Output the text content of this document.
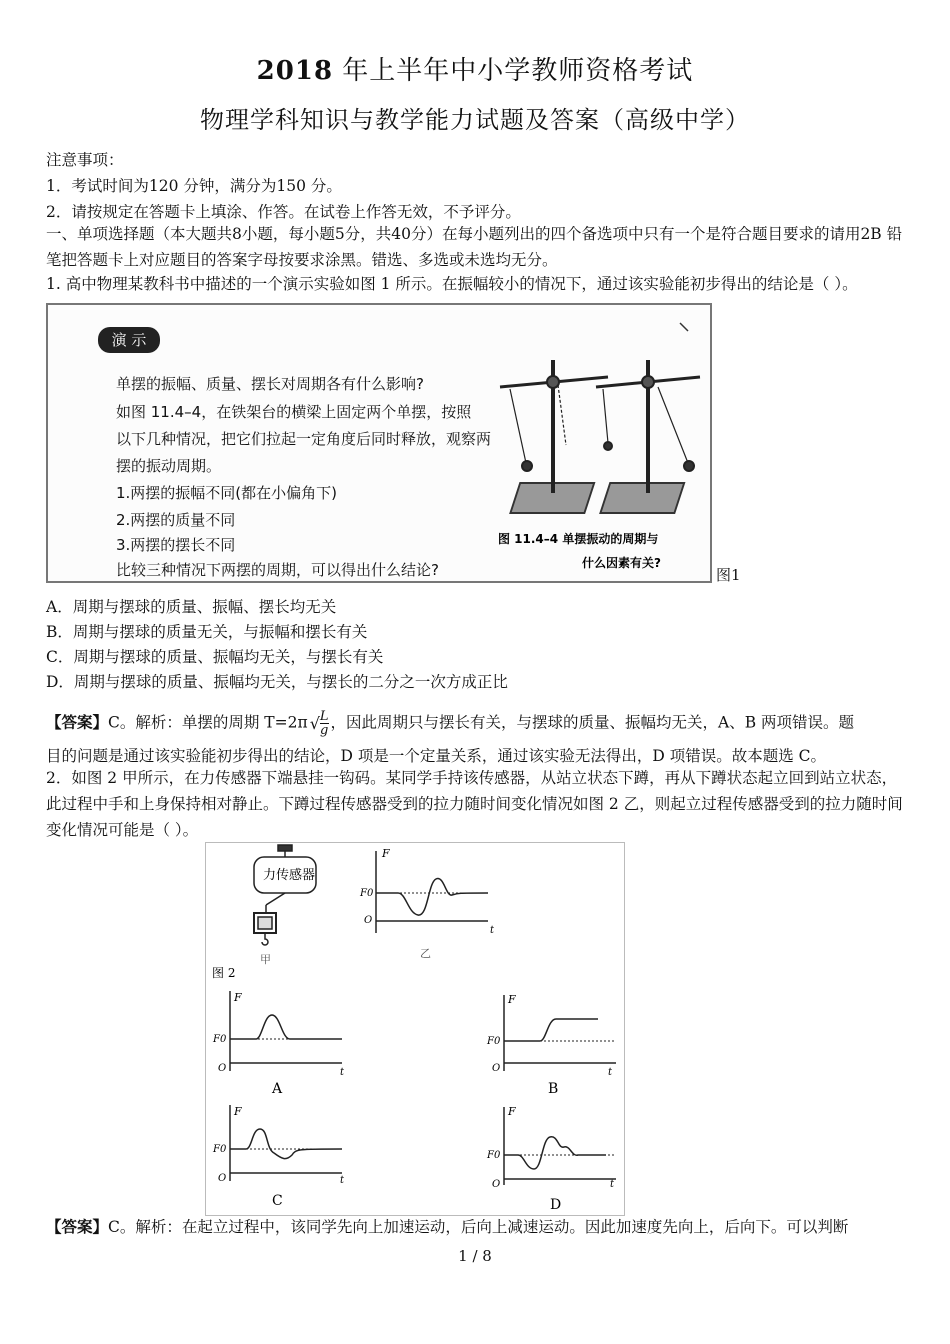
2018 年上半年中小学教师资格考试
物理学科知识与教学能力试题及答案（高级中学）
注意事项：
1．考试时间为120 分钟，满分为150 分。
2．请按规定在答题卡上填涂、作答。在试卷上作答无效，不予评分。
一、单项选择题（本大题共8小题，每小题5分，共40分）在每小题列出的四个备选项中只有一个是符合题目要求的请用2B 铅笔把答题卡上对应题目的答案字母按要求涂黑。错选、多选或未选均无分。
1. 高中物理某教科书中描述的一个演示实验如图 1 所示。在振幅较小的情况下，通过该实验能初步得出的结论是（ ）。
演 示
单摆的振幅、质量、摆长对周期各有什么影响?
如图 11.4–4，在铁架台的横梁上固定两个单摆，按照
以下几种情况，把它们拉起一定角度后同时释放，观察两
摆的振动周期。
1.两摆的振幅不同(都在小偏角下)
2.两摆的质量不同
3.两摆的摆长不同
比较三种情况下两摆的周期，可以得出什么结论?
图 11.4–4 单摆振动的周期与
什么因素有关?
图1
A．周期与摆球的质量、振幅、摆长均无关
B．周期与摆球的质量无关，与振幅和摆长有关
C．周期与摆球的质量、振幅均无关，与摆长有关
D．周期与摆球的质量、振幅均无关，与摆长的二分之一次方成正比
【答案】C。解析：单摆的周期 T=2π √ $\frac{L}{g}$ ，因此周期只与摆长有关，与摆球的质量、振幅均无关，A、B 两项错误。题
目的问题是通过该实验能初步得出的结论，D 项是一个定量关系，通过该实验无法得出，D 项错误。故本题选 C。
2．如图 2 甲所示，在力传感器下端悬挂一钩码。某同学手持该传感器，从站立状态下蹲，再从下蹲状态起立回到站立状态，此过程中手和上身保持相对静止。下蹲过程传感器受到的拉力随时间变化情况如图 2 乙，则起立过程传感器受到的拉力随时间变化情况可能是（ ）。
力传感器
甲
F
F0
O
t
乙
图 2
F
F0
O	t
A
F
F0
O	t
B
F
F0
O	t
C
F
F0
O	t
D
【答案】C。解析：在起立过程中，该同学先向上加速运动，后向上减速运动。因此加速度先向上，后向下。可以判断
1 / 8
